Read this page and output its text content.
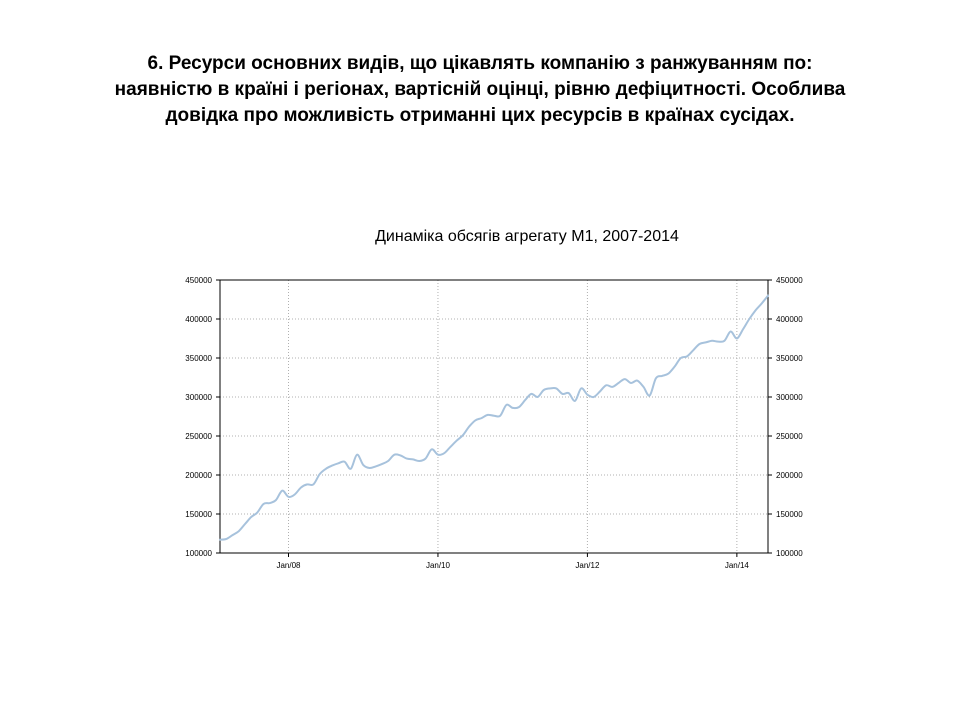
6. Ресурси основних видів, що цікавлять компанію з ранжуванням по:
наявністю в країні і регіонах, вартісній оцінці, рівню дефіцитності. Особлива
довідка про можливість отриманні цих ресурсів в країнах сусідах.
Динаміка обсягів агрегату М1, 2007-2014
100000
150000
200000
250000
300000
350000
400000
450000
100000
150000
200000
250000
300000
350000
400000
450000
Jan/08	Jan/10	Jan/12	Jan/14
